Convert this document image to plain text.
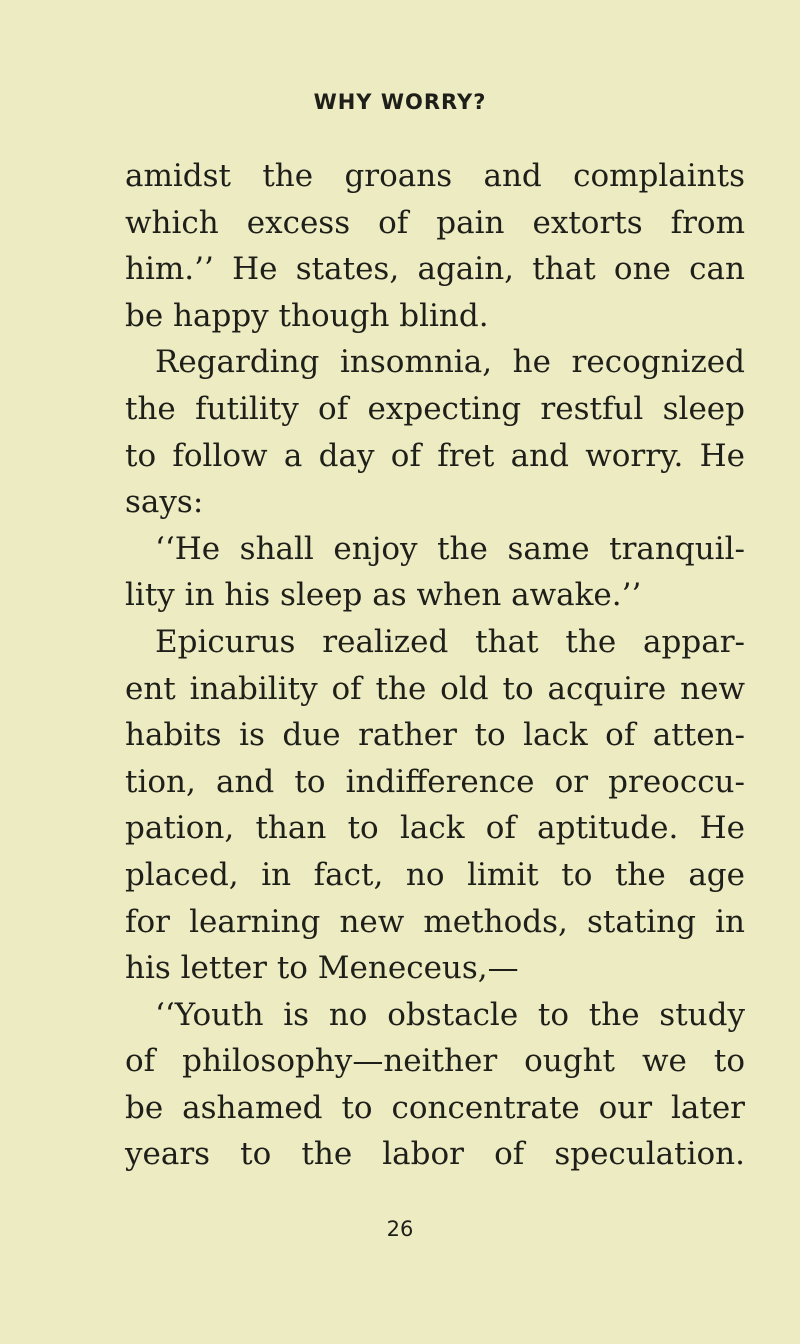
WHY WORRY?
amidst the groans and complaints
which excess of pain extorts from
him.’’ He states, again, that one can
be happy though blind.
Regarding insomnia, he recognized
the futility of expecting restful sleep
to follow a day of fret and worry. He
says:
‘‘He shall enjoy the same tranquil-
lity in his sleep as when awake.’’
Epicurus realized that the appar-
ent inability of the old to acquire new
habits is due rather to lack of atten-
tion, and to indifference or preoccu-
pation, than to lack of aptitude. He
placed, in fact, no limit to the age
for learning new methods, stating in
his letter to Meneceus,—
‘‘Youth is no obstacle to the study
of philosophy—neither ought we to
be ashamed to concentrate our later
years to the labor of speculation.
26
